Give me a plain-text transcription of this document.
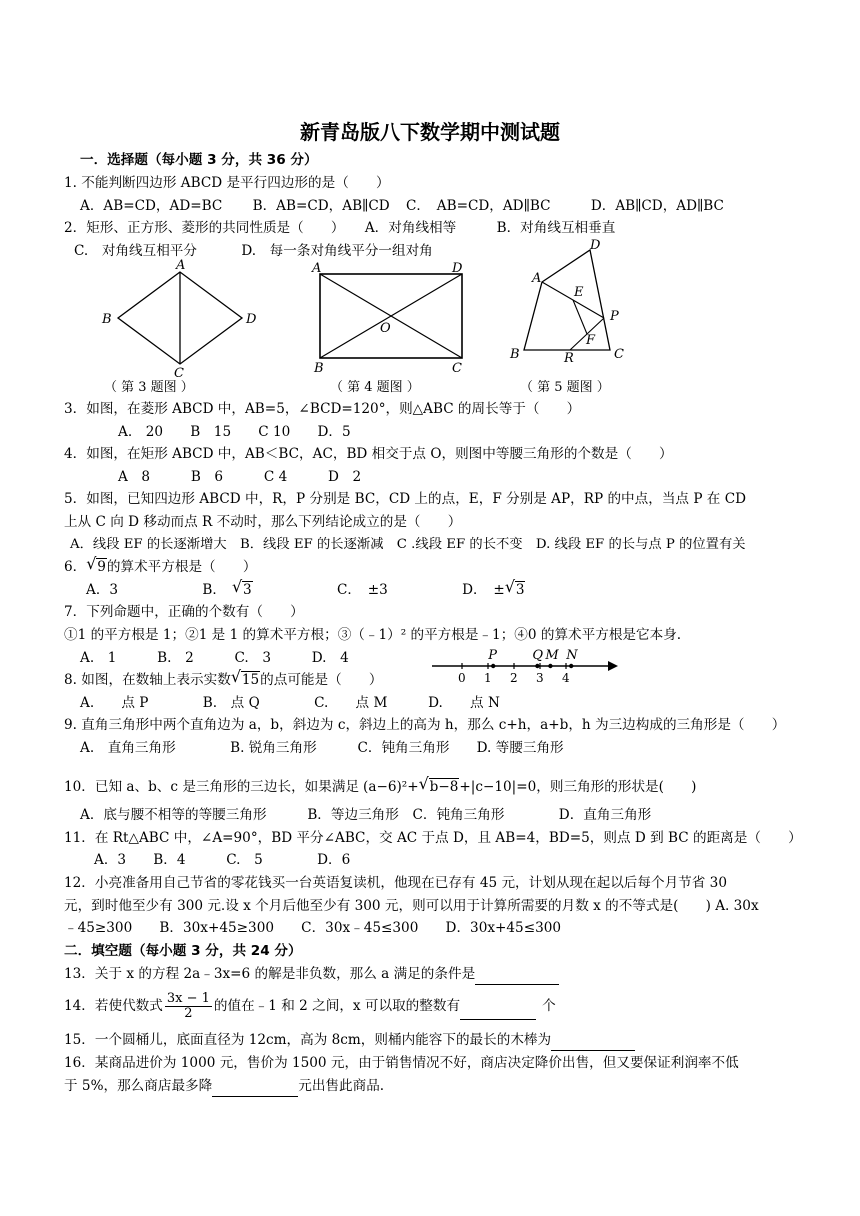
新青岛版八下数学期中测试题
一．选择题（每小题 3 分，共 36 分）
1. 不能判断四边形 ABCD 是平行四边形的是（　　）
A．AB=CD，AD=BC B．AB=CD，AB∥CD C．　AB=CD，AD∥BC	D．AB∥CD，AD∥BC
2．矩形、正方形、菱形的共同性质是（　　） A．对角线相等	B．对角线互相垂直
C.　对角线互相平分	D.　每一条对角线平分一组对角
A
B
C
D
A	D
B	C
O
A
D
E
P
F
B	R	C
（ 第 3 题图 ）	（ 第 4 题图 ）	（ 第 5 题图 ）
3．如图，在菱形 ABCD 中，AB=5，∠BCD=120°，则△ABC 的周长等于（　　）
A.　20　　B　15　　C 10　　D．5
4．如图，在矩形 ABCD 中，AB＜BC，AC，BD 相交于点 O，则图中等腰三角形的个数是（　　）
A　8　　　B　6　　　C 4　　　D　2
5．如图，已知四边形 ABCD 中，R，P 分别是 BC，CD 上的点，E，F 分别是 AP，RP 的中点，当点 P 在 CD
上从 C 向 D 移动而点 R 不动时，那么下列结论成立的是（　　）
A．线段 EF 的长逐渐增大　B．线段 EF 的长逐渐减　C .线段 EF 的长不变　D. 线段 EF 的长与点 P 的位置有关
6． √ 9的算术平方根是（　　）
A．3	B． √ 3	C．　±3	D．　± √ 3
7．下列命题中，正确的个数有（　　）
①1 的平方根是 1；②1 是 1 的算术平方根；③（﹣1）² 的平方根是﹣1；④0 的算术平方根是它本身.
A.　1　　　B.　2　　　C.　3　　　D.　4
0 1 2 3 4
P	Q M N
8. 如图，在数轴上表示实数 √ 15的点可能是（　　）
A.　　点 P　　　　B.　点 Q　　　　C.　　点 M　　　D.　　点 N
9. 直角三角形中两个直角边为 a，b，斜边为 c，斜边上的高为 h，那么 c+h，a+b，h 为三边构成的三角形是（　　）
A.　直角三角形　　　　B. 锐角三角形　　　C．钝角三角形　　D. 等腰三角形
10．已知 a、b、c 是三角形的三边长，如果满足 (a−6)²+ √ b−8+|c−10|=0，则三角形的形状是(　　)
A．底与腰不相等的等腰三角形　　　B．等边三角形　C．钝角三角形　　　　D．直角三角形
11．在 Rt△ABC 中，∠A=90°，BD 平分∠ABC，交 AC 于点 D，且 AB=4，BD=5，则点 D 到 BC 的距离是（　　）
A．3　　B．4　　　C.　5　　　　D．6
12．小亮准备用自己节省的零花钱买一台英语复读机，他现在已存有 45 元，计划从现在起以后每个月节省 30
元，到时他至少有 300 元.设 x 个月后他至少有 300 元，则可以用于计算所需要的月数 x 的不等式是(　　) A. 30x
﹣45≥300　　B．30x+45≥300　　C．30x﹣45≤300　　D．30x+45≤300
二．填空题（每小题 3 分，共 24 分）
13．关于 x 的方程 2a﹣3x=6 的解是非负数，那么 a 满足的条件是
14．若使代数式 $\frac{3x - 1}{2}$ 的值在﹣1 和 2 之间，x 可以取的整数有	个
15．一个圆桶儿，底面直径为 12cm，高为 8cm，则桶内能容下的最长的木棒为
16．某商品进价为 1000 元，售价为 1500 元，由于销售情况不好，商店决定降价出售，但又要保证利润率不低
于 5%，那么商店最多降	元出售此商品.
